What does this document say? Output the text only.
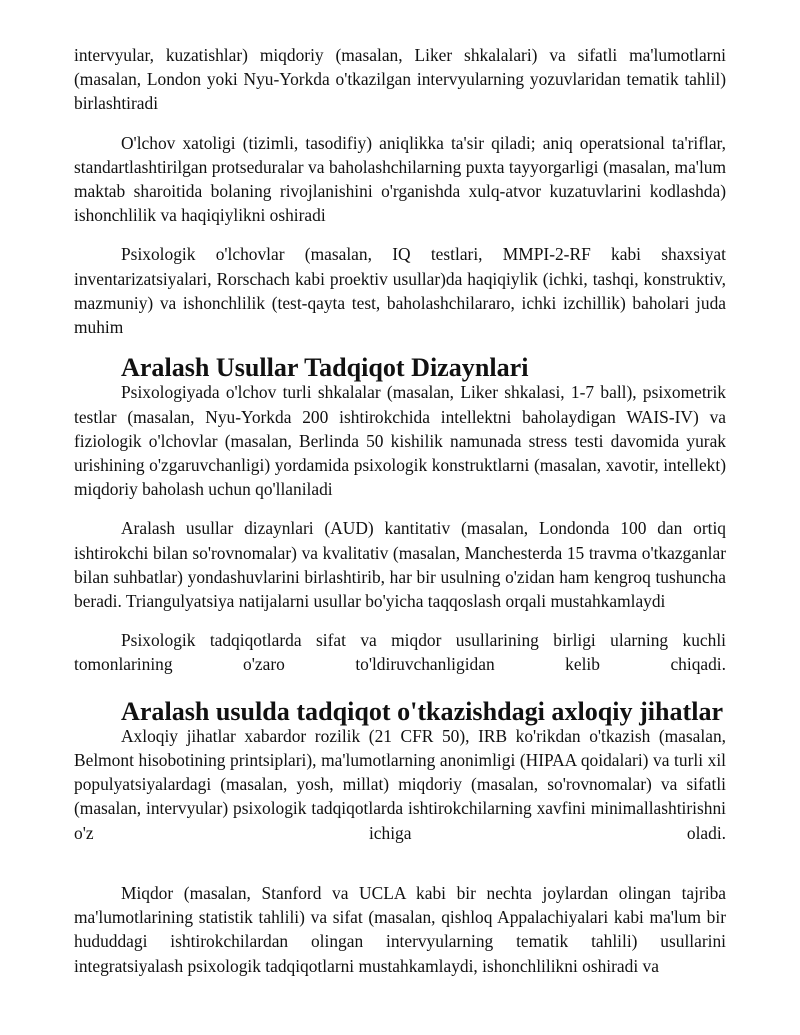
intervyular, kuzatishlar) miqdoriy (masalan, Liker shkalalari) va sifatli ma'lumotlarni (masalan, London yoki Nyu-Yorkda o'tkazilgan intervyularning yozuvlaridan tematik tahlil) birlashtiradi

O'lchov xatoligi (tizimli, tasodifiy) aniqlikka ta'sir qiladi; aniq operatsional ta'riflar, standartlashtirilgan protseduralar va baholashchilarning puxta tayyorgarligi (masalan, ma'lum maktab sharoitida bolaning rivojlanishini o'rganishda xulq-atvor kuzatuvlarini kodlashda) ishonchlilik va haqiqiylikni oshiradi

Psixologik o'lchovlar (masalan, IQ testlari, MMPI-2-RF kabi shaxsiyat inventarizatsiyalari, Rorschach kabi proektiv usullar)da haqiqiylik (ichki, tashqi, konstruktiv, mazmuniy) va ishonchlilik (test-qayta test, baholashchilararo, ichki izchillik) baholari juda muhim

Aralash Usullar Tadqiqot Dizaynlari

Psixologiyada o'lchov turli shkalalar (masalan, Liker shkalasi, 1-7 ball), psixometrik testlar (masalan, Nyu-Yorkda 200 ishtirokchida intellektni baholaydigan WAIS-IV) va fiziologik o'lchovlar (masalan, Berlinda 50 kishilik namunada stress testi davomida yurak urishining o'zgaruvchanligi) yordamida psixologik konstruktlarni (masalan, xavotir, intellekt) miqdoriy baholash uchun qo'llaniladi

Aralash usullar dizaynlari (AUD) kantitativ (masalan, Londonda 100 dan ortiq ishtirokchi bilan so'rovnomalar) va kvalitativ (masalan, Manchesterda 15 travma o'tkazganlar bilan suhbatlar) yondashuvlarini birlashtirib, har bir usulning o'zidan ham kengroq tushuncha beradi. Triangulyatsiya natijalarni usullar bo'yicha taqqoslash orqali mustahkamlaydi

Psixologik tadqiqotlarda sifat va miqdor usullarining birligi ularning kuchli tomonlarining o'zaro to'ldiruvchanligidan kelib chiqadi.

Aralash usulda tadqiqot o'tkazishdagi axloqiy jihatlar

Axloqiy jihatlar xabardor rozilik (21 CFR 50), IRB ko'rikdan o'tkazish (masalan, Belmont hisobotining printsiplari), ma'lumotlarning anonimligi (HIPAA qoidalari) va turli xil populyatsiyalardagi (masalan, yosh, millat) miqdoriy (masalan, so'rovnomalar) va sifatli (masalan, intervyular) psixologik tadqiqotlarda ishtirokchilarning xavfini minimallashtirishni o'z ichiga oladi.

Miqdor (masalan, Stanford va UCLA kabi bir nechta joylardan olingan tajriba ma'lumotlarining statistik tahlili) va sifat (masalan, qishloq Appalachiyalari kabi ma'lum bir hududdagi ishtirokchilardan olingan intervyularning tematik tahlili) usullarini integratsiyalash psixologik tadqiqotlarni mustahkamlaydi, ishonchlilikni oshiradi va
